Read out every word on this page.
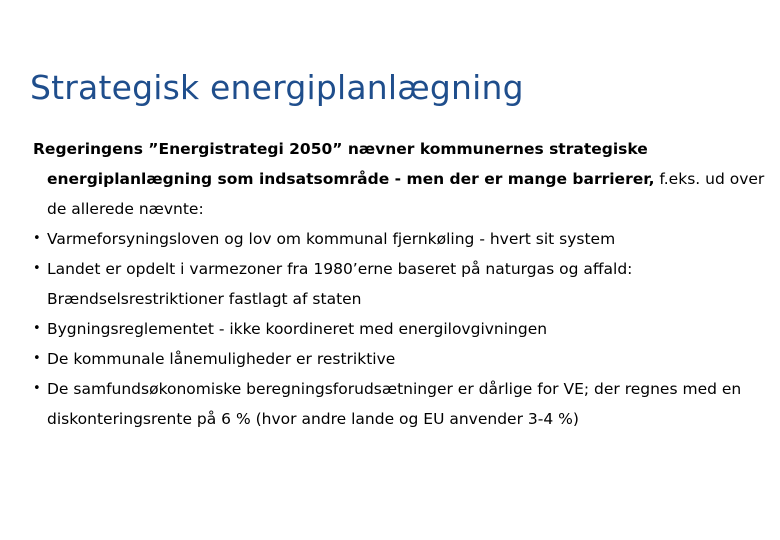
Strategisk energiplanlægning

Regeringens ”Energistrategi 2050” nævner kommunernes strategiske energiplanlægning som indsatsområde - men der er mange barrierer, f.eks. ud over de allerede nævnte:

• Varmeforsyningsloven og lov om kommunal fjernkøling - hvert sit system
• Landet er opdelt i varmezoner fra 1980’erne baseret på naturgas og affald: Brændselsrestriktioner fastlagt af staten
• Bygningsreglementet - ikke koordineret med energilovgivningen
• De kommunale lånemuligheder er restriktive
• De samfundsøkonomiske beregningsforudsætninger er dårlige for VE; der regnes med en diskonteringsrente på 6 % (hvor andre lande og EU anvender 3-4 %)
